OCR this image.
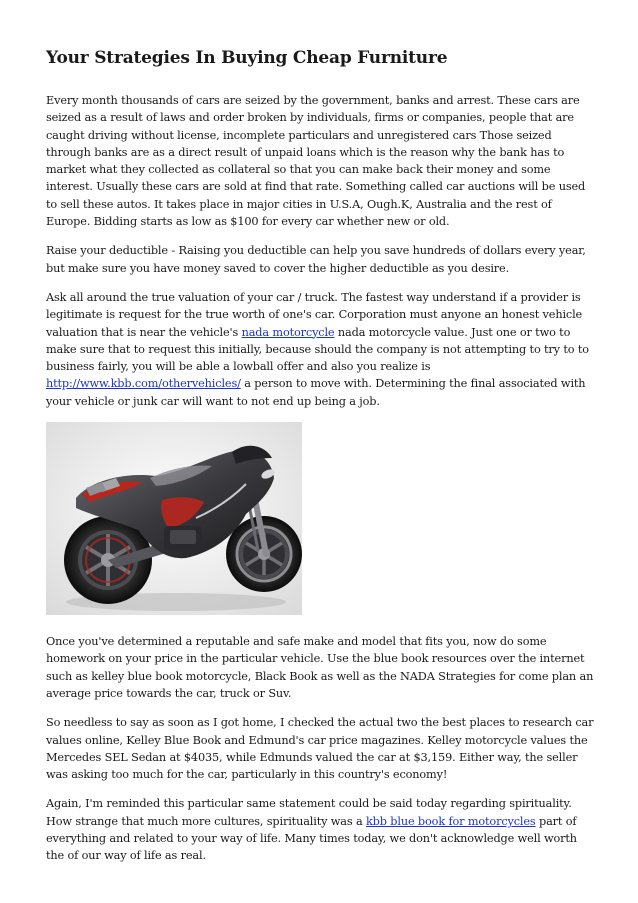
Your Strategies In Buying Cheap Furniture

Every month thousands of cars are seized by the government, banks and arrest. These cars are seized as a result of laws and order broken by individuals, firms or companies, people that are caught driving without license, incomplete particulars and unregistered cars Those seized through banks are as a direct result of unpaid loans which is the reason why the bank has to market what they collected as collateral so that you can make back their money and some interest. Usually these cars are sold at find that rate. Something called car auctions will be used to sell these autos. It takes place in major cities in U.S.A, Ough.K, Australia and the rest of Europe. Bidding starts as low as $100 for every car whether new or old.

Raise your deductible - Raising you deductible can help you save hundreds of dollars every year, but make sure you have money saved to cover the higher deductible as you desire.

Ask all around the true valuation of your car / truck. The fastest way understand if a provider is legitimate is request for the true worth of one's car. Corporation must anyone an honest vehicle valuation that is near the vehicle's nada motorcycle nada motorcycle value. Just one or two to make sure that to request this initially, because should the company is not attempting to try to to business fairly, you will be able a lowball offer and also you realize is http://www.kbb.com/othervehicles/ a person to move with. Determining the final associated with your vehicle or junk car will want to not end up being a job.

Once you've determined a reputable and safe make and model that fits you, now do some homework on your price in the particular vehicle. Use the blue book resources over the internet such as kelley blue book motorcycle, Black Book as well as the NADA Strategies for come plan an average price towards the car, truck or Suv.

So needless to say as soon as I got home, I checked the actual two the best places to research car values online, Kelley Blue Book and Edmund's car price magazines. Kelley motorcycle values the Mercedes SEL Sedan at $4035, while Edmunds valued the car at $3,159. Either way, the seller was asking too much for the car, particularly in this country's economy!

Again, I'm reminded this particular same statement could be said today regarding spirituality. How strange that much more cultures, spirituality was a kbb blue book for motorcycles part of everything and related to your way of life. Many times today, we don't acknowledge well worth the of our way of life as real.
